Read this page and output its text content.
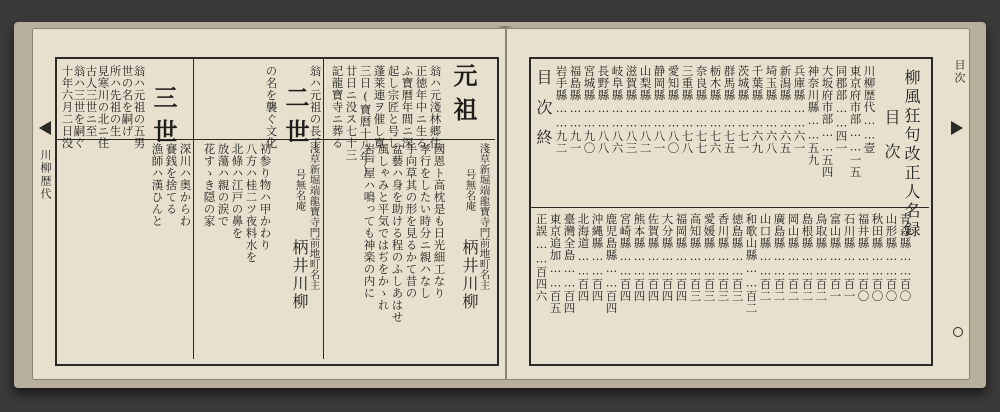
川柳歴代
元祖
淺草新堀端龍寶寺門前地町名主
号無名庵
柄井川柳
翁ハ元淺林郷住
正徳年中ニ生る
ふ寶暦年間ニ深
起し宗匠と号し
蓬莱連ヲ催し寛
三日(寶暦十八年)
廿日ニ没ス七十三
記龍寶寺ニ葬る
國恩ト高枕是も日光細工なり
孝行をしたい時分ニ親ハなし
手向草其の形を見るかて昔の
盆藝ハ身を助ける程のふしあはせ
風しゃみと平気ではぢをかゝれ
岩戸屋ハ鳴っても神楽の内に
二世
翁ハ元祖の長子
の名を襲ぐ文化
淺草新堀端龍寶寺門前地町名主
号無名庵
柄井川柳
初参り物ハ甲かわり
八方ハ桂二ツ夜料水を
北條ハ江戸の鼻を
放蕩ハ親の涙で
花すゝき隠の家
三世
深川ハ奥からわ
賽銭を捨てる
漁師ハ漢ひんと
翁ハ元祖の五男
世の名を嗣げ
所ハ先祖の生
見寒川の北ニ住
古人三世ニ至
翁ハ三世を嗣ぐ
十年六月二日没	目次
柳風狂句改正人名録
目次
川柳歴代……壹
東京府市部……一五
同郡部……四一
大坂府市部……五四
神奈川縣……五九
兵庫縣……六一
新潟縣……六五
埼玉縣……六八
千葉縣……六九
茨城縣……七一
群馬縣……七五
栃木縣……七六
奈良縣……七七
三重縣……七八
愛知縣……八〇
静岡縣……八一
山梨縣……八二
滋賀縣……八三
岐阜縣……八六
長野縣……八八
宮城縣……九〇
福島縣……九一
岩手縣……九二
目次終
青森縣……百〇
山形縣……百〇
秋田縣……百〇
福井縣……百〇
石川縣……百一
富山縣……百一
鳥取縣……百二
島根縣……百二
岡山縣……百二
廣島縣……百二
山口縣……百二
和歌山縣……百二
徳島縣……百三
香川縣……百三
愛媛縣……百三
高知縣……百三
福岡縣……百四
大分縣……百四
佐賀縣……百四
熊本縣……百四
宮崎縣……百四
鹿児島縣……百四
沖縄縣……百四
北海道……百四
臺灣全島……百四
東京追加……百五
正誤……百四六
